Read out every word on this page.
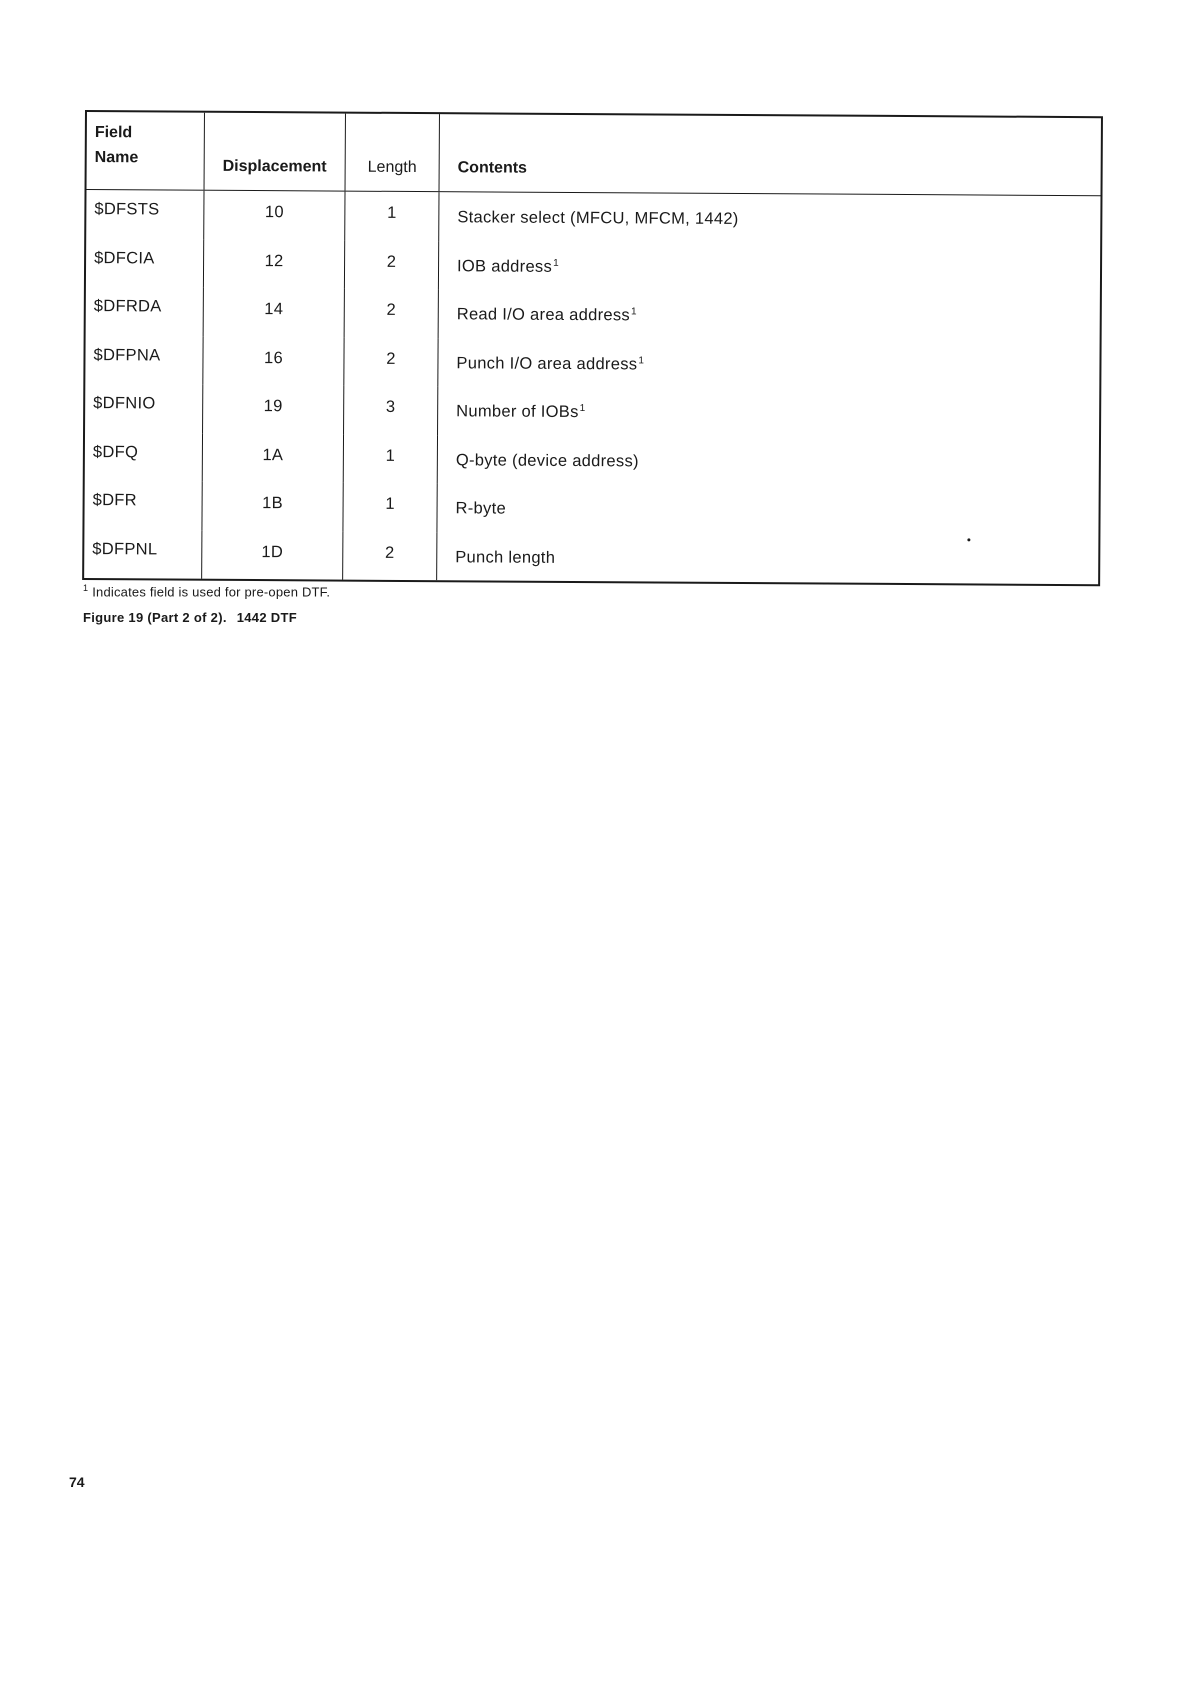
Field
Name
Displacement	Length	Contents
$DFSTS	10	1	Stacker select (MFCU, MFCM, 1442)
$DFCIA	12	2	IOB address 1
$DFRDA	14	2	Read I/O area address 1
$DFPNA	16	2	Punch I/O area address 1
$DFNIO	19	3	Number of IOBs 1
$DFQ	1A	1	Q-byte (device address)
$DFR	1B	1	R-byte
$DFPNL	1D	2	Punch length
$^1$ Indicates field is used for pre-open DTF.
Figure 19 (Part 2 of 2). 1442 DTF
74
